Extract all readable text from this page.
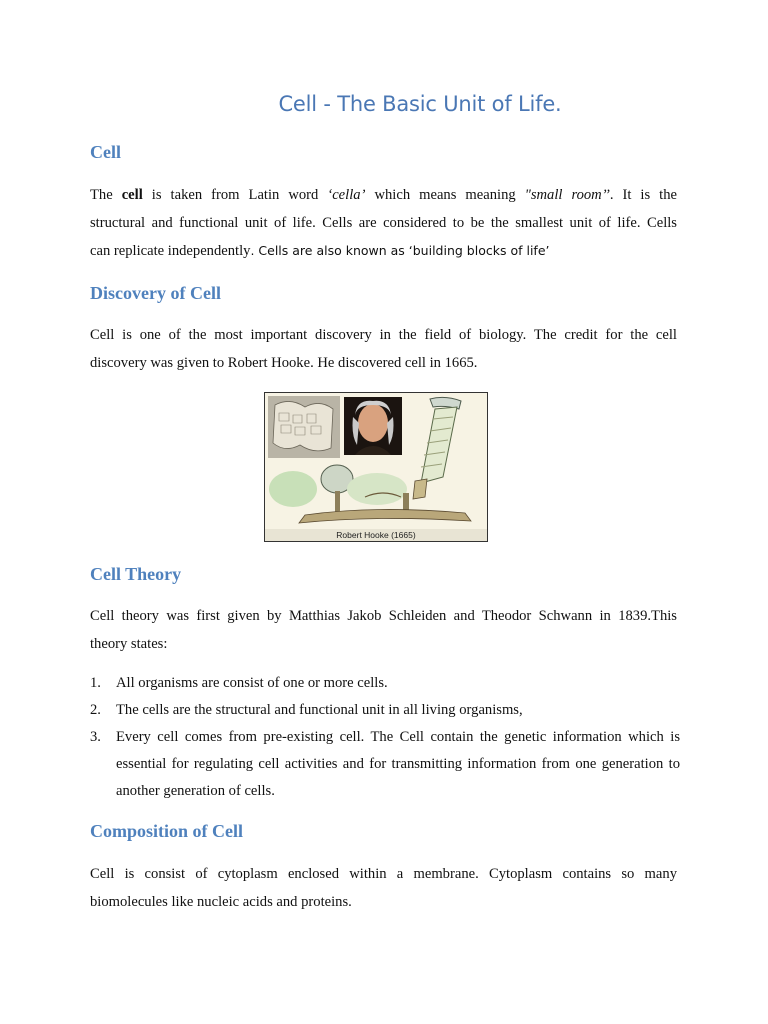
Cell - The Basic Unit of Life.
Cell
The cell is taken from Latin word ‘cella’ which means meaning "small room’’. It is the
structural and functional unit of life. Cells are considered to be the smallest unit of life. Cells
can replicate independently. Cells are also known as ‘building blocks of life’
Discovery of Cell
Cell is one of the most important discovery in the field of biology. The credit for the cell
discovery was given to Robert Hooke. He discovered cell in 1665.
Robert Hooke (1665)
Cell Theory
Cell theory was first given by Matthias Jakob Schleiden and Theodor Schwann in 1839.This
theory states:
1. All organisms are consist of one or more cells.
2. The cells are the structural and functional unit in all living organisms,
3. Every cell comes from pre-existing cell. The Cell contain the genetic information which is
essential for regulating cell activities and for transmitting information from one generation to
another generation of cells.
Composition of Cell
Cell is consist of cytoplasm enclosed within a membrane. Cytoplasm contains so many
biomolecules like nucleic acids and proteins.
